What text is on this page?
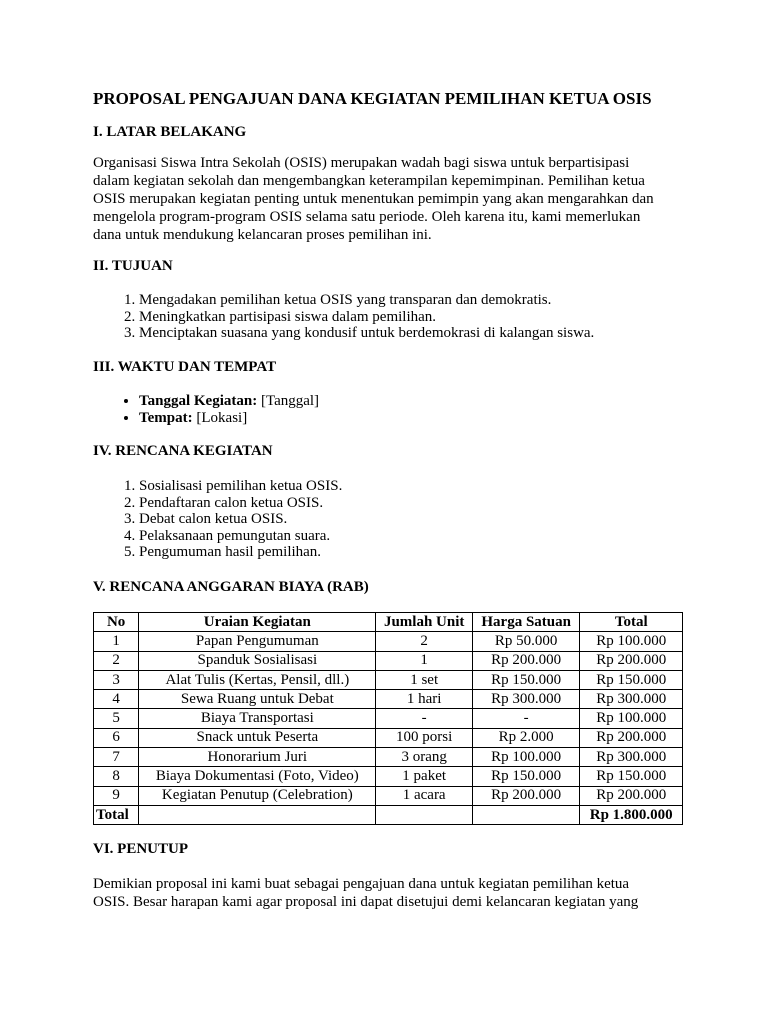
PROPOSAL PENGAJUAN DANA KEGIATAN PEMILIHAN KETUA OSIS
I. LATAR BELAKANG

Organisasi Siswa Intra Sekolah (OSIS) merupakan wadah bagi siswa untuk berpartisipasi

dalam kegiatan sekolah dan mengembangkan keterampilan kepemimpinan. Pemilihan ketua

OSIS merupakan kegiatan penting untuk menentukan pemimpin yang akan mengarahkan dan

mengelola program-program OSIS selama satu periode. Oleh karena itu, kami memerlukan

dana untuk mendukung kelancaran proses pemilihan ini.

II. TUJUAN
1. Mengadakan pemilihan ketua OSIS yang transparan dan demokratis.
2. Meningkatkan partisipasi siswa dalam pemilihan.
3. Menciptakan suasana yang kondusif untuk berdemokrasi di kalangan siswa.
III. WAKTU DAN TEMPAT
• Tanggal Kegiatan: [Tanggal]
• Tempat: [Lokasi]
IV. RENCANA KEGIATAN
1. Sosialisasi pemilihan ketua OSIS.
2. Pendaftaran calon ketua OSIS.
3. Debat calon ketua OSIS.
4. Pelaksanaan pemungutan suara.
5. Pengumuman hasil pemilihan.
V. RENCANA ANGGARAN BIAYA (RAB)
No	Uraian Kegiatan	Jumlah Unit	Harga Satuan	Total
1	Papan Pengumuman	2	Rp 50.000	Rp 100.000
2	Spanduk Sosialisasi	1	Rp 200.000	Rp 200.000
3	Alat Tulis (Kertas, Pensil, dll.)	1 set	Rp 150.000	Rp 150.000
4	Sewa Ruang untuk Debat	1 hari	Rp 300.000	Rp 300.000
5	Biaya Transportasi	-	-	Rp 100.000
6	Snack untuk Peserta	100 porsi	Rp 2.000	Rp 200.000
7	Honorarium Juri	3 orang	Rp 100.000	Rp 300.000
8	Biaya Dokumentasi (Foto, Video)	1 paket	Rp 150.000	Rp 150.000
9	Kegiatan Penutup (Celebration)	1 acara	Rp 200.000	Rp 200.000
Total				Rp 1.800.000
VI. PENUTUP

Demikian proposal ini kami buat sebagai pengajuan dana untuk kegiatan pemilihan ketua

OSIS. Besar harapan kami agar proposal ini dapat disetujui demi kelancaran kegiatan yang
